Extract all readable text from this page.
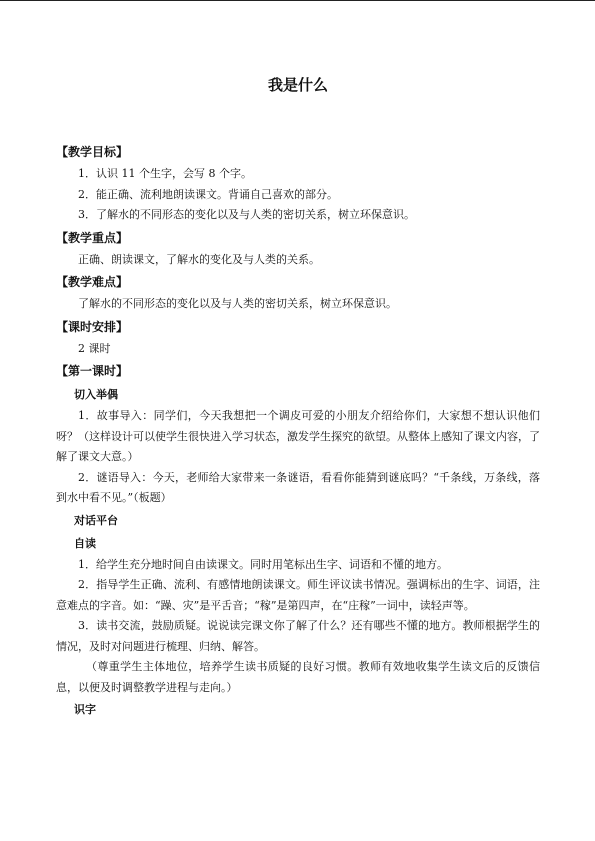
我是什么
【教学目标】
1．认识 11 个生字，会写 8 个字。
2．能正确、流利地朗读课文。背诵自己喜欢的部分。
3．了解水的不同形态的变化以及与人类的密切关系，树立环保意识。
【教学重点】
正确、朗读课文，了解水的变化及与人类的关系。
【教学难点】
了解水的不同形态的变化以及与人类的密切关系，树立环保意识。
【课时安排】
2 课时
【第一课时】
切入举偶
1．故事导入：同学们，今天我想把一个调皮可爱的小朋友介绍给你们，大家想不想认识他们呀？（这样设计可以使学生很快进入学习状态，激发学生探究的欲望。从整体上感知了课文内容，了解了课文大意。）
2．谜语导入：今天，老师给大家带来一条谜语，看看你能猜到谜底吗？“千条线，万条线，落到水中看不见。”（板题）
对话平台
自读
1．给学生充分地时间自由读课文。同时用笔标出生字、词语和不懂的地方。
2．指导学生正确、流利、有感情地朗读课文。师生评议读书情况。强调标出的生字、词语，注意难点的字音。如：“躁、灾”是平舌音；“稼”是第四声，在“庄稼”一词中，读轻声等。
3．读书交流，鼓励质疑。说说读完课文你了解了什么？还有哪些不懂的地方。教师根据学生的情况，及时对问题进行梳理、归纳、解答。
（尊重学生主体地位，培养学生读书质疑的良好习惯。教师有效地收集学生读文后的反馈信息，以便及时调整教学进程与走向。）
识字
